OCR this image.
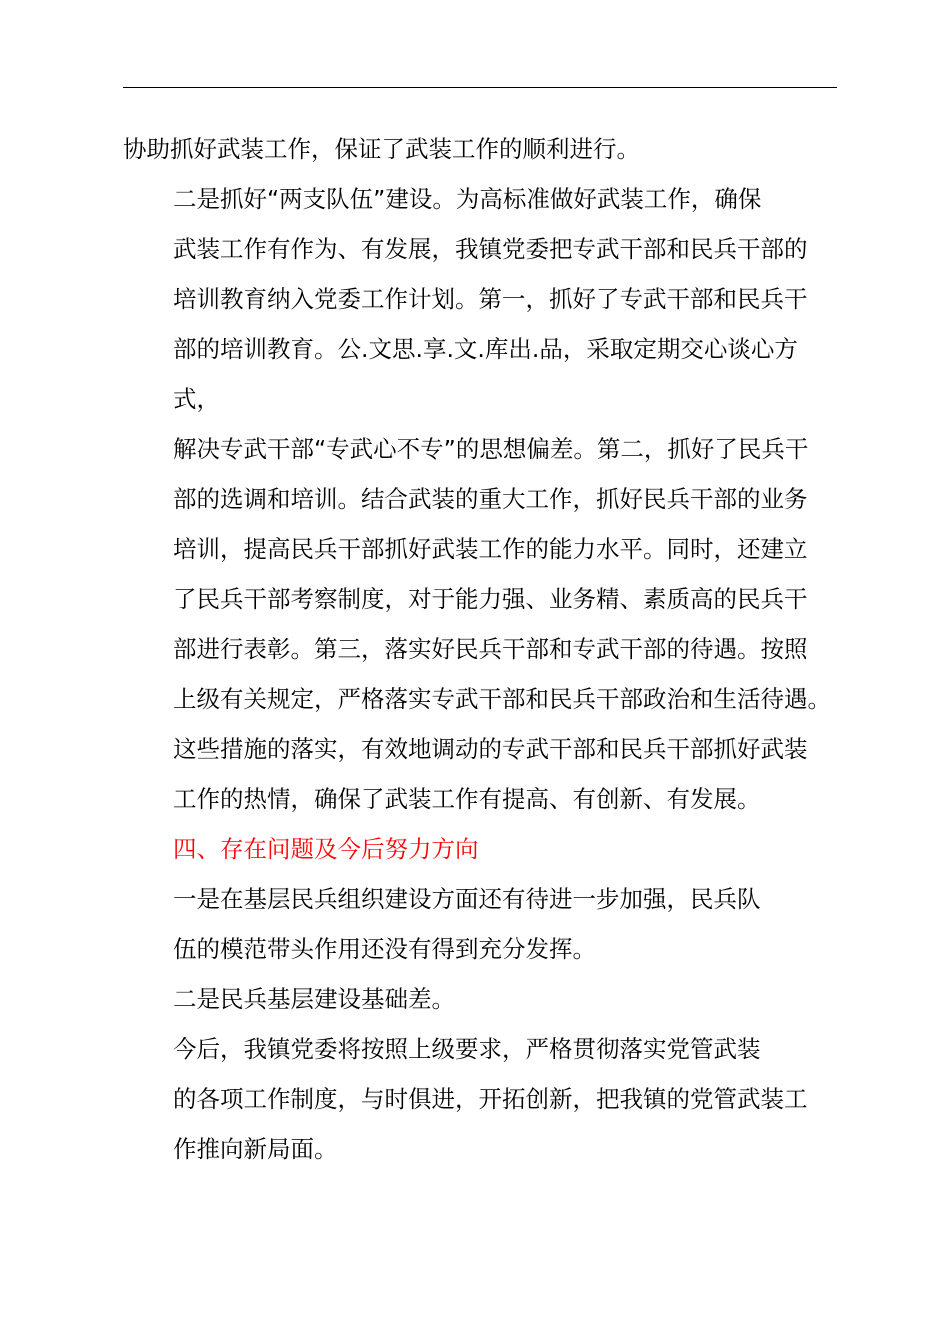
协助抓好武装工作，保证了武装工作的顺利进行。

二是抓好“两支队伍”建设。为高标准做好武装工作，确保
武装工作有作为、有发展，我镇党委把专武干部和民兵干部的
培训教育纳入党委工作计划。第一，抓好了专武干部和民兵干
部的培训教育。公.文思.享.文.库出.品，采取定期交心谈心方式，
解决专武干部“专武心不专”的思想偏差。第二，抓好了民兵干
部的选调和培训。结合武装的重大工作，抓好民兵干部的业务
培训，提高民兵干部抓好武装工作的能力水平。同时，还建立
了民兵干部考察制度，对于能力强、业务精、素质高的民兵干
部进行表彰。第三，落实好民兵干部和专武干部的待遇。按照
上级有关规定，严格落实专武干部和民兵干部政治和生活待遇。
这些措施的落实，有效地调动的专武干部和民兵干部抓好武装
工作的热情，确保了武装工作有提高、有创新、有发展。

四、存在问题及今后努力方向

一是在基层民兵组织建设方面还有待进一步加强，民兵队
伍的模范带头作用还没有得到充分发挥。

二是民兵基层建设基础差。

今后，我镇党委将按照上级要求，严格贯彻落实党管武装
的各项工作制度，与时俱进，开拓创新，把我镇的党管武装工
作推向新局面。
